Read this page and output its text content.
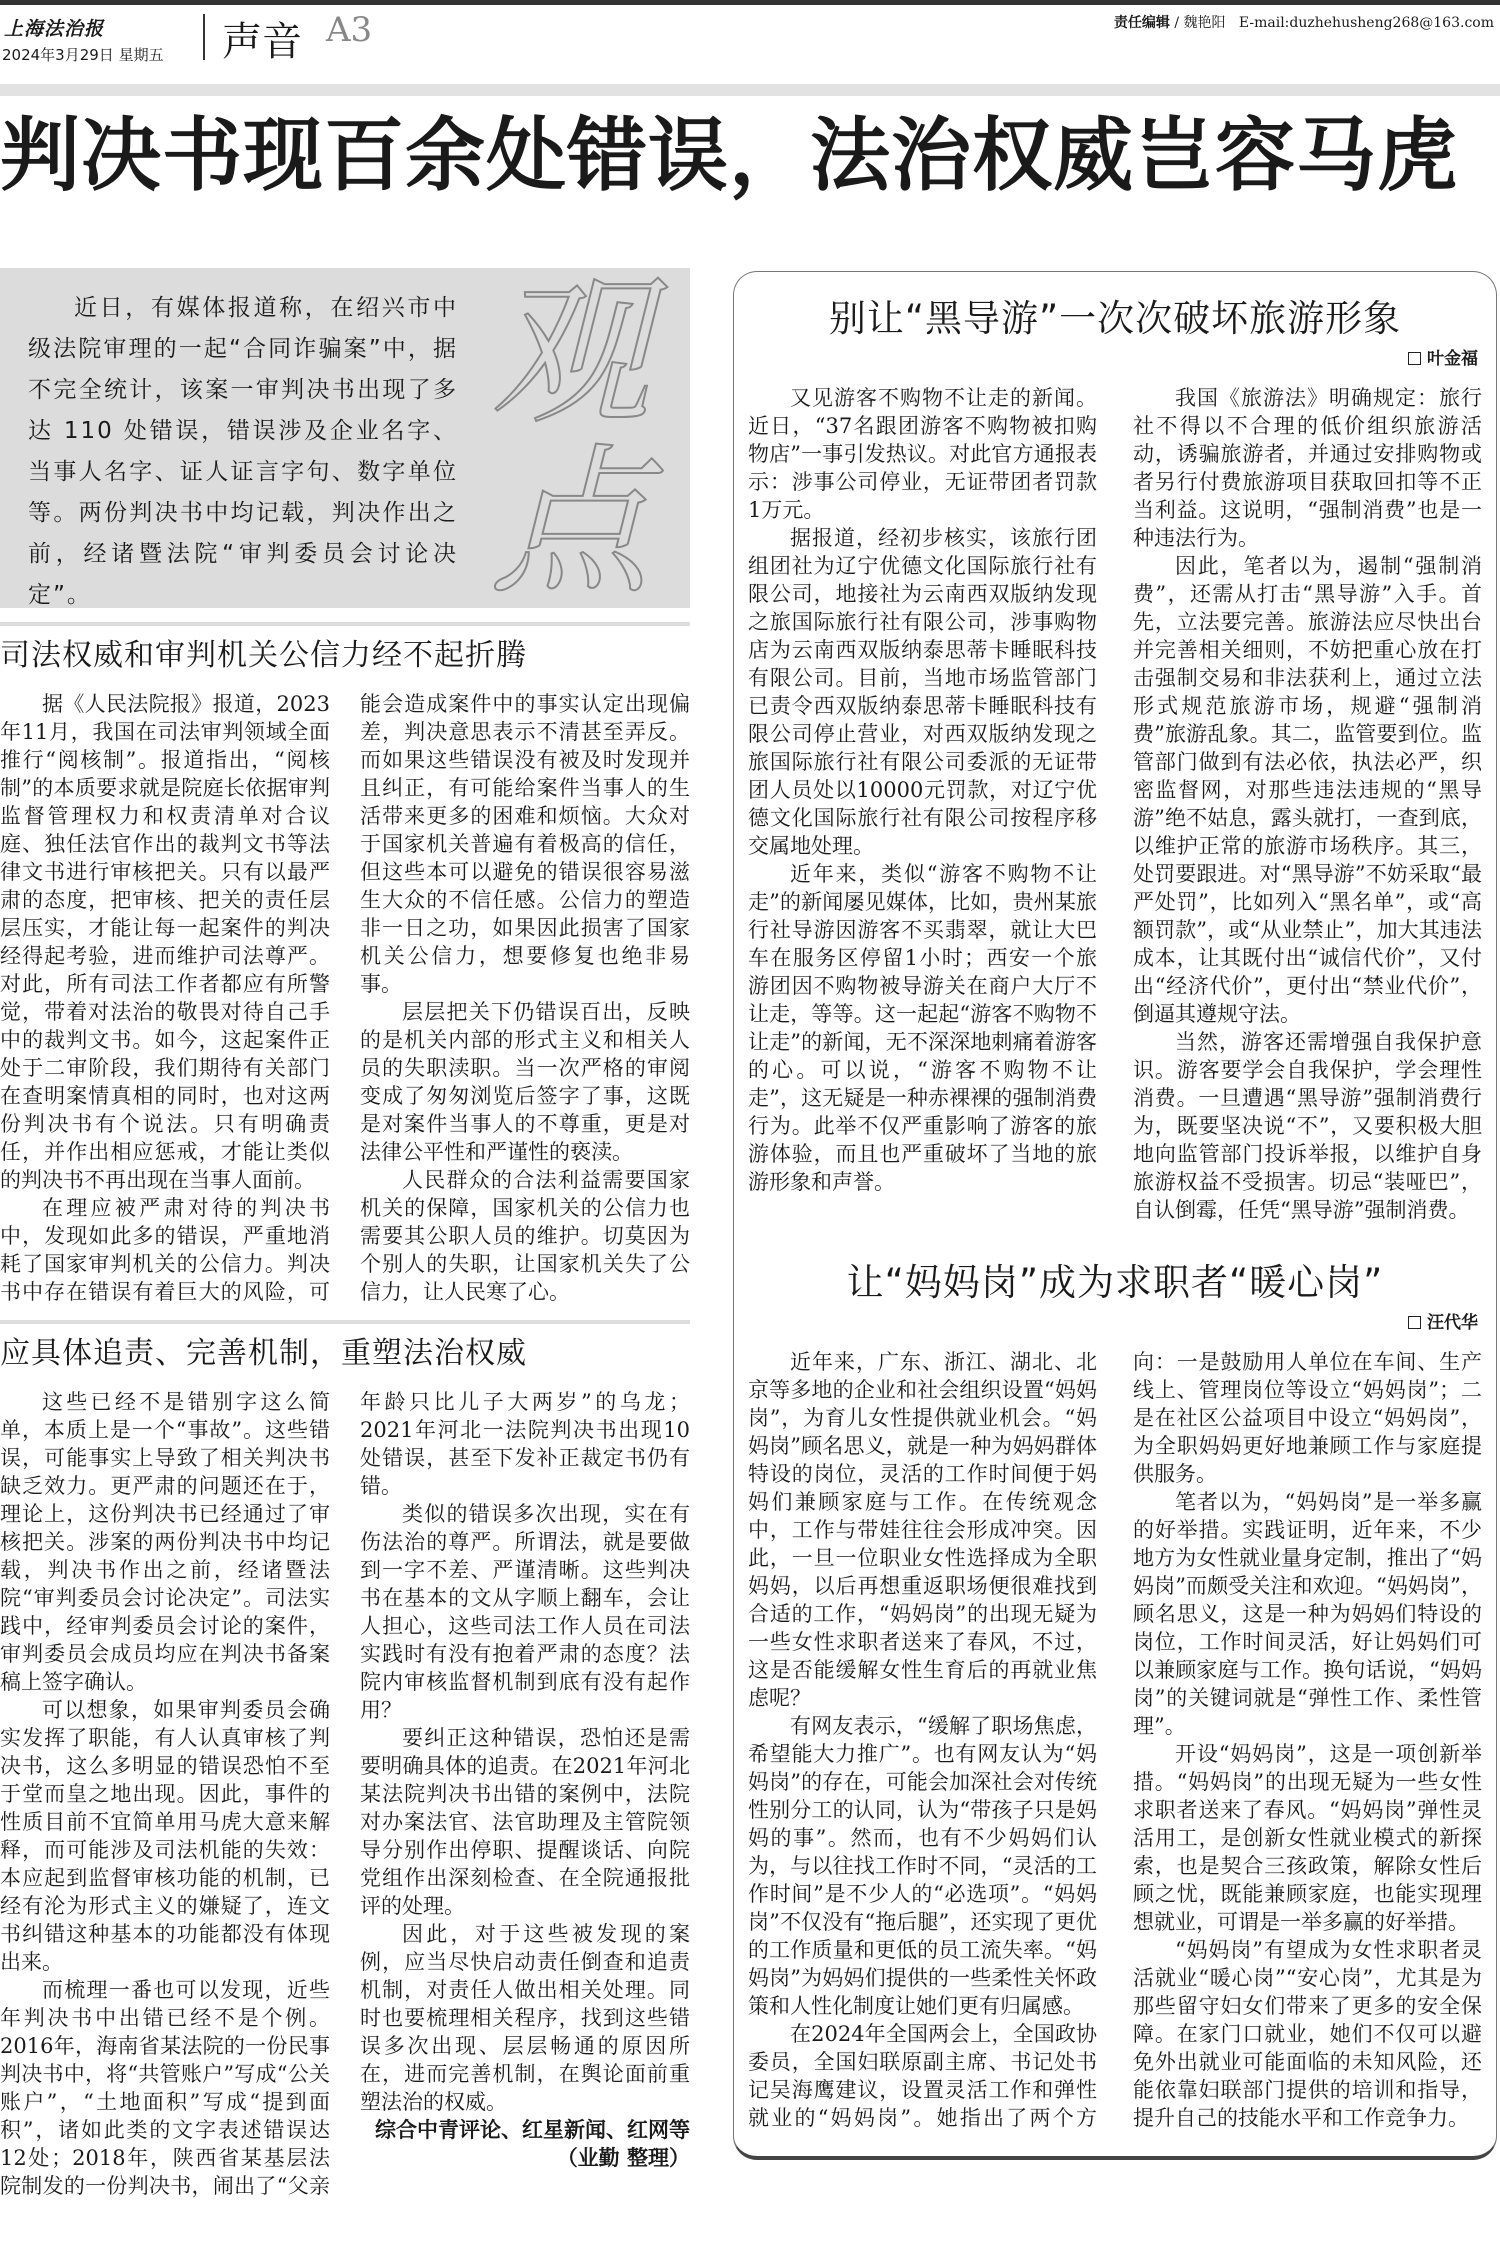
上海法治报
2024年3月29日 星期五 声音 A3	责任编辑 / 魏艳阳 E-mail:duzhehusheng268@163.com
判决书现百余处错误，法治权威岂容马虎

近日，有媒体报道称，在绍兴市中级法院审理的一起“合同诈骗案”中，据不完全统计，该案一审判决书出现了多达 110 处错误，错误涉及企业名字、当事人名字、证人证言字句、数字单位等。两份判决书中均记载，判决作出之前，经诸暨法院“审判委员会讨论决定”。

观点
司法权威和审判机关公信力经不起折腾

据《人民法院报》报道，2023年11月，我国在司法审判领域全面推行“阅核制”。报道指出，“阅核制”的本质要求就是院庭长依据审判监督管理权力和权责清单对合议庭、独任法官作出的裁判文书等法律文书进行审核把关。只有以最严肃的态度，把审核、把关的责任层层压实，才能让每一起案件的判决经得起考验，进而维护司法尊严。对此，所有司法工作者都应有所警觉，带着对法治的敬畏对待自己手中的裁判文书。如今，这起案件正处于二审阶段，我们期待有关部门在查明案情真相的同时，也对这两份判决书有个说法。只有明确责任，并作出相应惩戒，才能让类似的判决书不再出现在当事人面前。

在理应被严肃对待的判决书中，发现如此多的错误，严重地消耗了国家审判机关的公信力。判决书中存在错误有着巨大的风险，可能会造成案件中的事实认定出现偏差，判决意思表示不清甚至弄反。而如果这些错误没有被及时发现并且纠正，有可能给案件当事人的生活带来更多的困难和烦恼。大众对于国家机关普遍有着极高的信任，但这些本可以避免的错误很容易滋生大众的不信任感。公信力的塑造非一日之功，如果因此损害了国家机关公信力，想要修复也绝非易事。

层层把关下仍错误百出，反映的是机关内部的形式主义和相关人员的失职渎职。当一次严格的审阅变成了匆匆浏览后签字了事，这既是对案件当事人的不尊重，更是对法律公平性和严谨性的亵渎。

人民群众的合法利益需要国家机关的保障，国家机关的公信力也需要其公职人员的维护。切莫因为个别人的失职，让国家机关失了公信力，让人民寒了心。

应具体追责、完善机制，重塑法治权威

这些已经不是错别字这么简单，本质上是一个“事故”。这些错误，可能事实上导致了相关判决书缺乏效力。更严肃的问题还在于，理论上，这份判决书已经通过了审核把关。涉案的两份判决书中均记载，判决书作出之前，经诸暨法院“审判委员会讨论决定”。司法实践中，经审判委员会讨论的案件，审判委员会成员均应在判决书备案稿上签字确认。

可以想象，如果审判委员会确实发挥了职能，有人认真审核了判决书，这么多明显的错误恐怕不至于堂而皇之地出现。因此，事件的性质目前不宜简单用马虎大意来解释，而可能涉及司法机能的失效：本应起到监督审核功能的机制，已经有沦为形式主义的嫌疑了，连文书纠错这种基本的功能都没有体现出来。

而梳理一番也可以发现，近些年判决书中出错已经不是个例。2016年，海南省某法院的一份民事判决书中，将“共管账户”写成“公关账户”，“土地面积”写成“提到面积”，诸如此类的文字表述错误达12处；2018年，陕西省某基层法院制发的一份判决书，闹出了“父亲年龄只比儿子大两岁”的乌龙；2021年河北一法院判决书出现10处错误，甚至下发补正裁定书仍有错。

类似的错误多次出现，实在有伤法治的尊严。所谓法，就是要做到一字不差、严谨清晰。这些判决书在基本的文从字顺上翻车，会让人担心，这些司法工作人员在司法实践时有没有抱着严肃的态度？法院内审核监督机制到底有没有起作用？

要纠正这种错误，恐怕还是需要明确具体的追责。在2021年河北某法院判决书出错的案例中，法院对办案法官、法官助理及主管院领导分别作出停职、提醒谈话、向院党组作出深刻检查、在全院通报批评的处理。

因此，对于这些被发现的案例，应当尽快启动责任倒查和追责机制，对责任人做出相关处理。同时也要梳理相关程序，找到这些错误多次出现、层层畅通的原因所在，进而完善机制，在舆论面前重塑法治的权威。

综合中青评论、红星新闻、红网等

（业勤 整理）

别让“黑导游”一次次破坏旅游形象
叶金福

又见游客不购物不让走的新闻。近日，“37名跟团游客不购物被扣购物店”一事引发热议。对此官方通报表示：涉事公司停业，无证带团者罚款1万元。

据报道，经初步核实，该旅行团组团社为辽宁优德文化国际旅行社有限公司，地接社为云南西双版纳发现之旅国际旅行社有限公司，涉事购物店为云南西双版纳泰思蒂卡睡眠科技有限公司。目前，当地市场监管部门已责令西双版纳泰思蒂卡睡眠科技有限公司停止营业，对西双版纳发现之旅国际旅行社有限公司委派的无证带团人员处以10000元罚款，对辽宁优德文化国际旅行社有限公司按程序移交属地处理。

近年来，类似“游客不购物不让走”的新闻屡见媒体，比如，贵州某旅行社导游因游客不买翡翠，就让大巴车在服务区停留1小时；西安一个旅游团因不购物被导游关在商户大厅不让走，等等。这一起起“游客不购物不让走”的新闻，无不深深地刺痛着游客的心。可以说，“游客不购物不让走”，这无疑是一种赤裸裸的强制消费行为。此举不仅严重影响了游客的旅游体验，而且也严重破坏了当地的旅游形象和声誉。

我国《旅游法》明确规定：旅行社不得以不合理的低价组织旅游活动，诱骗旅游者，并通过安排购物或者另行付费旅游项目获取回扣等不正当利益。这说明，“强制消费”也是一种违法行为。

因此，笔者以为，遏制“强制消费”，还需从打击“黑导游”入手。首先，立法要完善。旅游法应尽快出台并完善相关细则，不妨把重心放在打击强制交易和非法获利上，通过立法形式规范旅游市场，规避“强制消费”旅游乱象。其二，监管要到位。监管部门做到有法必依，执法必严，织密监督网，对那些违法违规的“黑导游”绝不姑息，露头就打，一查到底，以维护正常的旅游市场秩序。其三，处罚要跟进。对“黑导游”不妨采取“最严处罚”，比如列入“黑名单”，或“高额罚款”，或“从业禁止”，加大其违法成本，让其既付出“诚信代价”，又付出“经济代价”，更付出“禁业代价”，倒逼其遵规守法。

当然，游客还需增强自我保护意识。游客要学会自我保护，学会理性消费。一旦遭遇“黑导游”强制消费行为，既要坚决说“不”，又要积极大胆地向监管部门投诉举报，以维护自身旅游权益不受损害。切忌“装哑巴”，自认倒霉，任凭“黑导游”强制消费。

让“妈妈岗”成为求职者“暖心岗”
汪代华

近年来，广东、浙江、湖北、北京等多地的企业和社会组织设置“妈妈岗”，为育儿女性提供就业机会。“妈妈岗”顾名思义，就是一种为妈妈群体特设的岗位，灵活的工作时间便于妈妈们兼顾家庭与工作。在传统观念中，工作与带娃往往会形成冲突。因此，一旦一位职业女性选择成为全职妈妈，以后再想重返职场便很难找到合适的工作，“妈妈岗”的出现无疑为一些女性求职者送来了春风，不过，这是否能缓解女性生育后的再就业焦虑呢？

有网友表示，“缓解了职场焦虑，希望能大力推广”。也有网友认为“妈妈岗”的存在，可能会加深社会对传统性别分工的认同，认为“带孩子只是妈妈的事”。然而，也有不少妈妈们认为，与以往找工作时不同，“灵活的工作时间”是不少人的“必选项”。“妈妈岗”不仅没有“拖后腿”，还实现了更优的工作质量和更低的员工流失率。“妈妈岗”为妈妈们提供的一些柔性关怀政策和人性化制度让她们更有归属感。

在2024年全国两会上，全国政协委员，全国妇联原副主席、书记处书记吴海鹰建议，设置灵活工作和弹性就业的“妈妈岗”。她指出了两个方向：一是鼓励用人单位在车间、生产线上、管理岗位等设立“妈妈岗”；二是在社区公益项目中设立“妈妈岗”，为全职妈妈更好地兼顾工作与家庭提供服务。

笔者以为，“妈妈岗”是一举多赢的好举措。实践证明，近年来，不少地方为女性就业量身定制，推出了“妈妈岗”而颇受关注和欢迎。“妈妈岗”，顾名思义，这是一种为妈妈们特设的岗位，工作时间灵活，好让妈妈们可以兼顾家庭与工作。换句话说，“妈妈岗”的关键词就是“弹性工作、柔性管理”。

开设“妈妈岗”，这是一项创新举措。“妈妈岗”的出现无疑为一些女性求职者送来了春风。“妈妈岗”弹性灵活用工，是创新女性就业模式的新探索，也是契合三孩政策，解除女性后顾之忧，既能兼顾家庭，也能实现理想就业，可谓是一举多赢的好举措。

“妈妈岗”有望成为女性求职者灵活就业“暖心岗”“安心岗”，尤其是为那些留守妇女们带来了更多的安全保障。在家门口就业，她们不仅可以避免外出就业可能面临的未知风险，还能依靠妇联部门提供的培训和指导，提升自己的技能水平和工作竞争力。
